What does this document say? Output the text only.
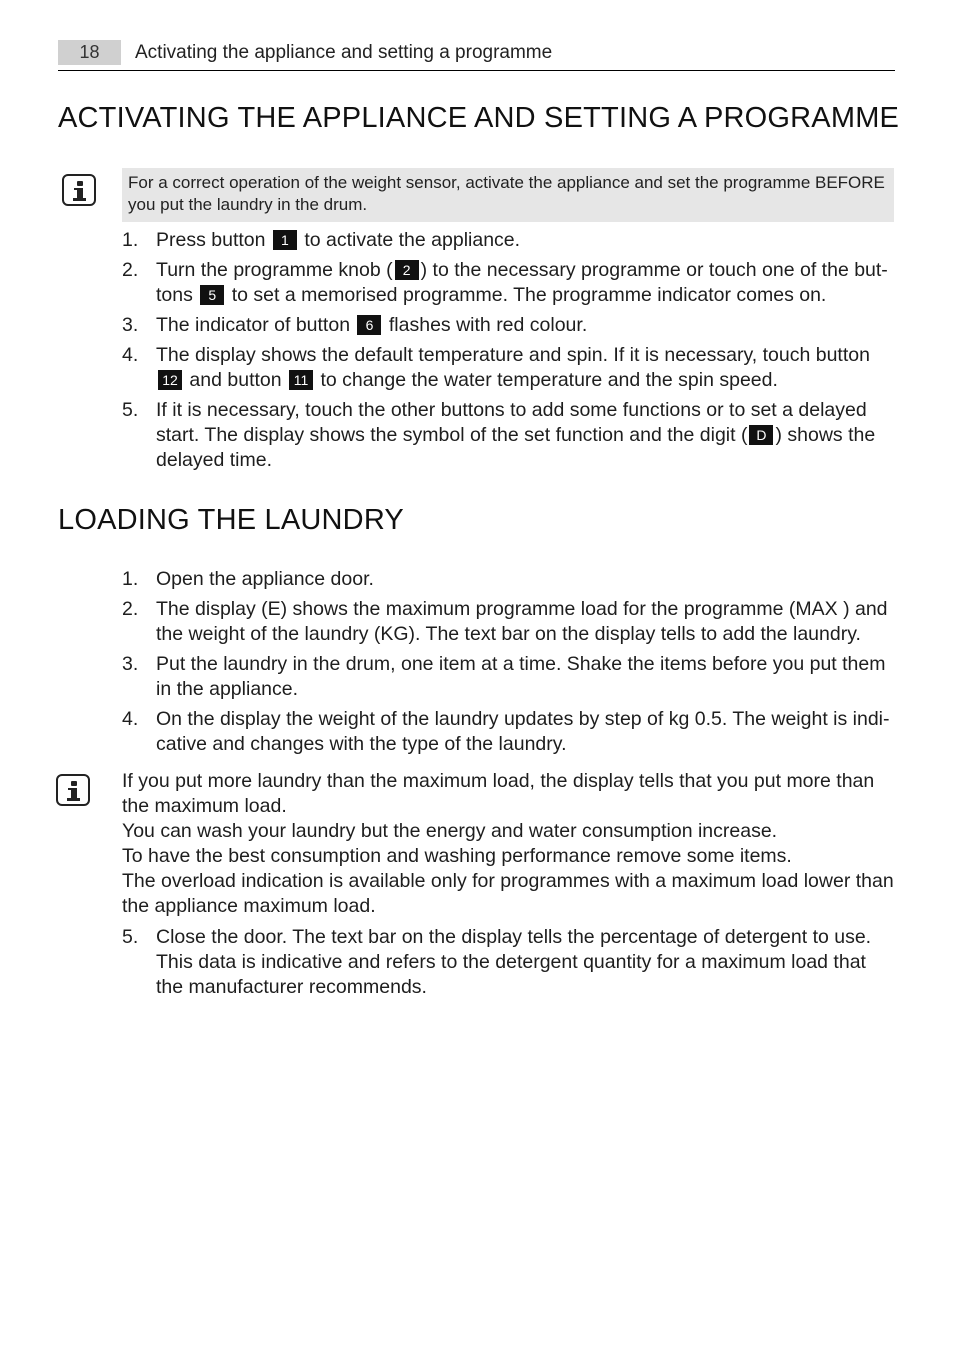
18	Activating the appliance and setting a programme
ACTIVATING THE APPLIANCE AND SETTING A PROGRAMME
For a correct operation of the weight sensor, activate the appliance and set the programme BEFORE you put the laundry in the drum.
1. Press button 1 to activate the appliance.
2. Turn the programme knob ( 2 ) to the necessary programme or touch one of the but-tons 5 to set a memorised programme. The programme indicator comes on.
3. The indicator of button 6 flashes with red colour.
4. The display shows the default temperature and spin. If it is necessary, touch button 12 and button 11 to change the water temperature and the spin speed.
5. If it is necessary, touch the other buttons to add some functions or to set a delayed start. The display shows the symbol of the set function and the digit ( D ) shows the delayed time.
LOADING THE LAUNDRY
1. Open the appliance door.
2. The display (E) shows the maximum programme load for the programme (MAX ) and the weight of the laundry (KG). The text bar on the display tells to add the laundry.
3. Put the laundry in the drum, one item at a time. Shake the items before you put them in the appliance.
4. On the display the weight of the laundry updates by step of kg 0.5. The weight is indi-cative and changes with the type of the laundry.

If you put more laundry than the maximum load, the display tells that you put more than the maximum load.

You can wash your laundry but the energy and water consumption increase.

To have the best consumption and washing performance remove some items.

The overload indication is available only for programmes with a maximum load lower than the appliance maximum load.

5. Close the door. The text bar on the display tells the percentage of detergent to use. This data is indicative and refers to the detergent quantity for a maximum load that the manufacturer recommends.
